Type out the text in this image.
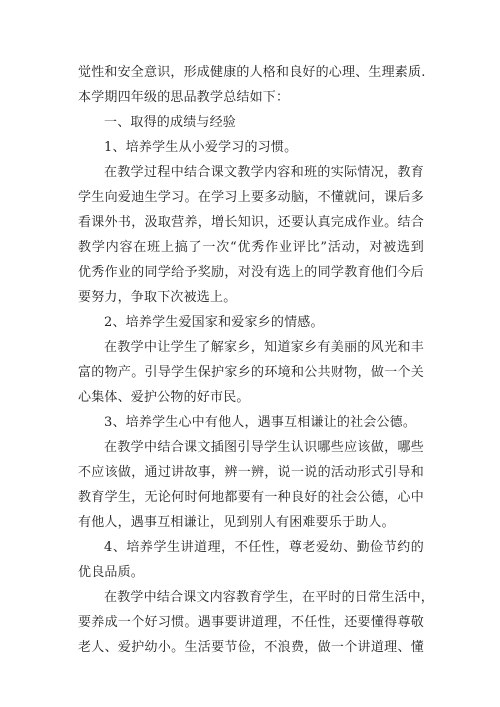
觉性和安全意识，形成健康的人格和良好的心理、生理素质.
本学期四年级的思品教学总结如下：
一、取得的成绩与经验
1、培养学生从小爱学习的习惯。
在教学过程中结合课文教学内容和班的实际情况，教育
学生向爱迪生学习。在学习上要多动脑，不懂就问，课后多
看课外书，汲取营养，增长知识，还要认真完成作业。结合
教学内容在班上搞了一次“优秀作业评比”活动，对被选到
优秀作业的同学给予奖励，对没有选上的同学教育他们今后
要努力，争取下次被选上。
2、培养学生爱国家和爱家乡的情感。
在教学中让学生了解家乡，知道家乡有美丽的风光和丰
富的物产。引导学生保护家乡的环境和公共财物，做一个关
心集体、爱护公物的好市民。
3、培养学生心中有他人，遇事互相谦让的社会公德。
在教学中结合课文插图引导学生认识哪些应该做，哪些
不应该做，通过讲故事，辨一辨，说一说的活动形式引导和
教育学生，无论何时何地都要有一种良好的社会公德，心中
有他人，遇事互相谦让，见到别人有困难要乐于助人。
4、培养学生讲道理，不任性，尊老爱幼、勤俭节约的
优良品质。
在教学中结合课文内容教育学生，在平时的日常生活中，
要养成一个好习惯。遇事要讲道理，不任性，还要懂得尊敬
老人、爱护幼小。生活要节俭，不浪费，做一个讲道理、懂
